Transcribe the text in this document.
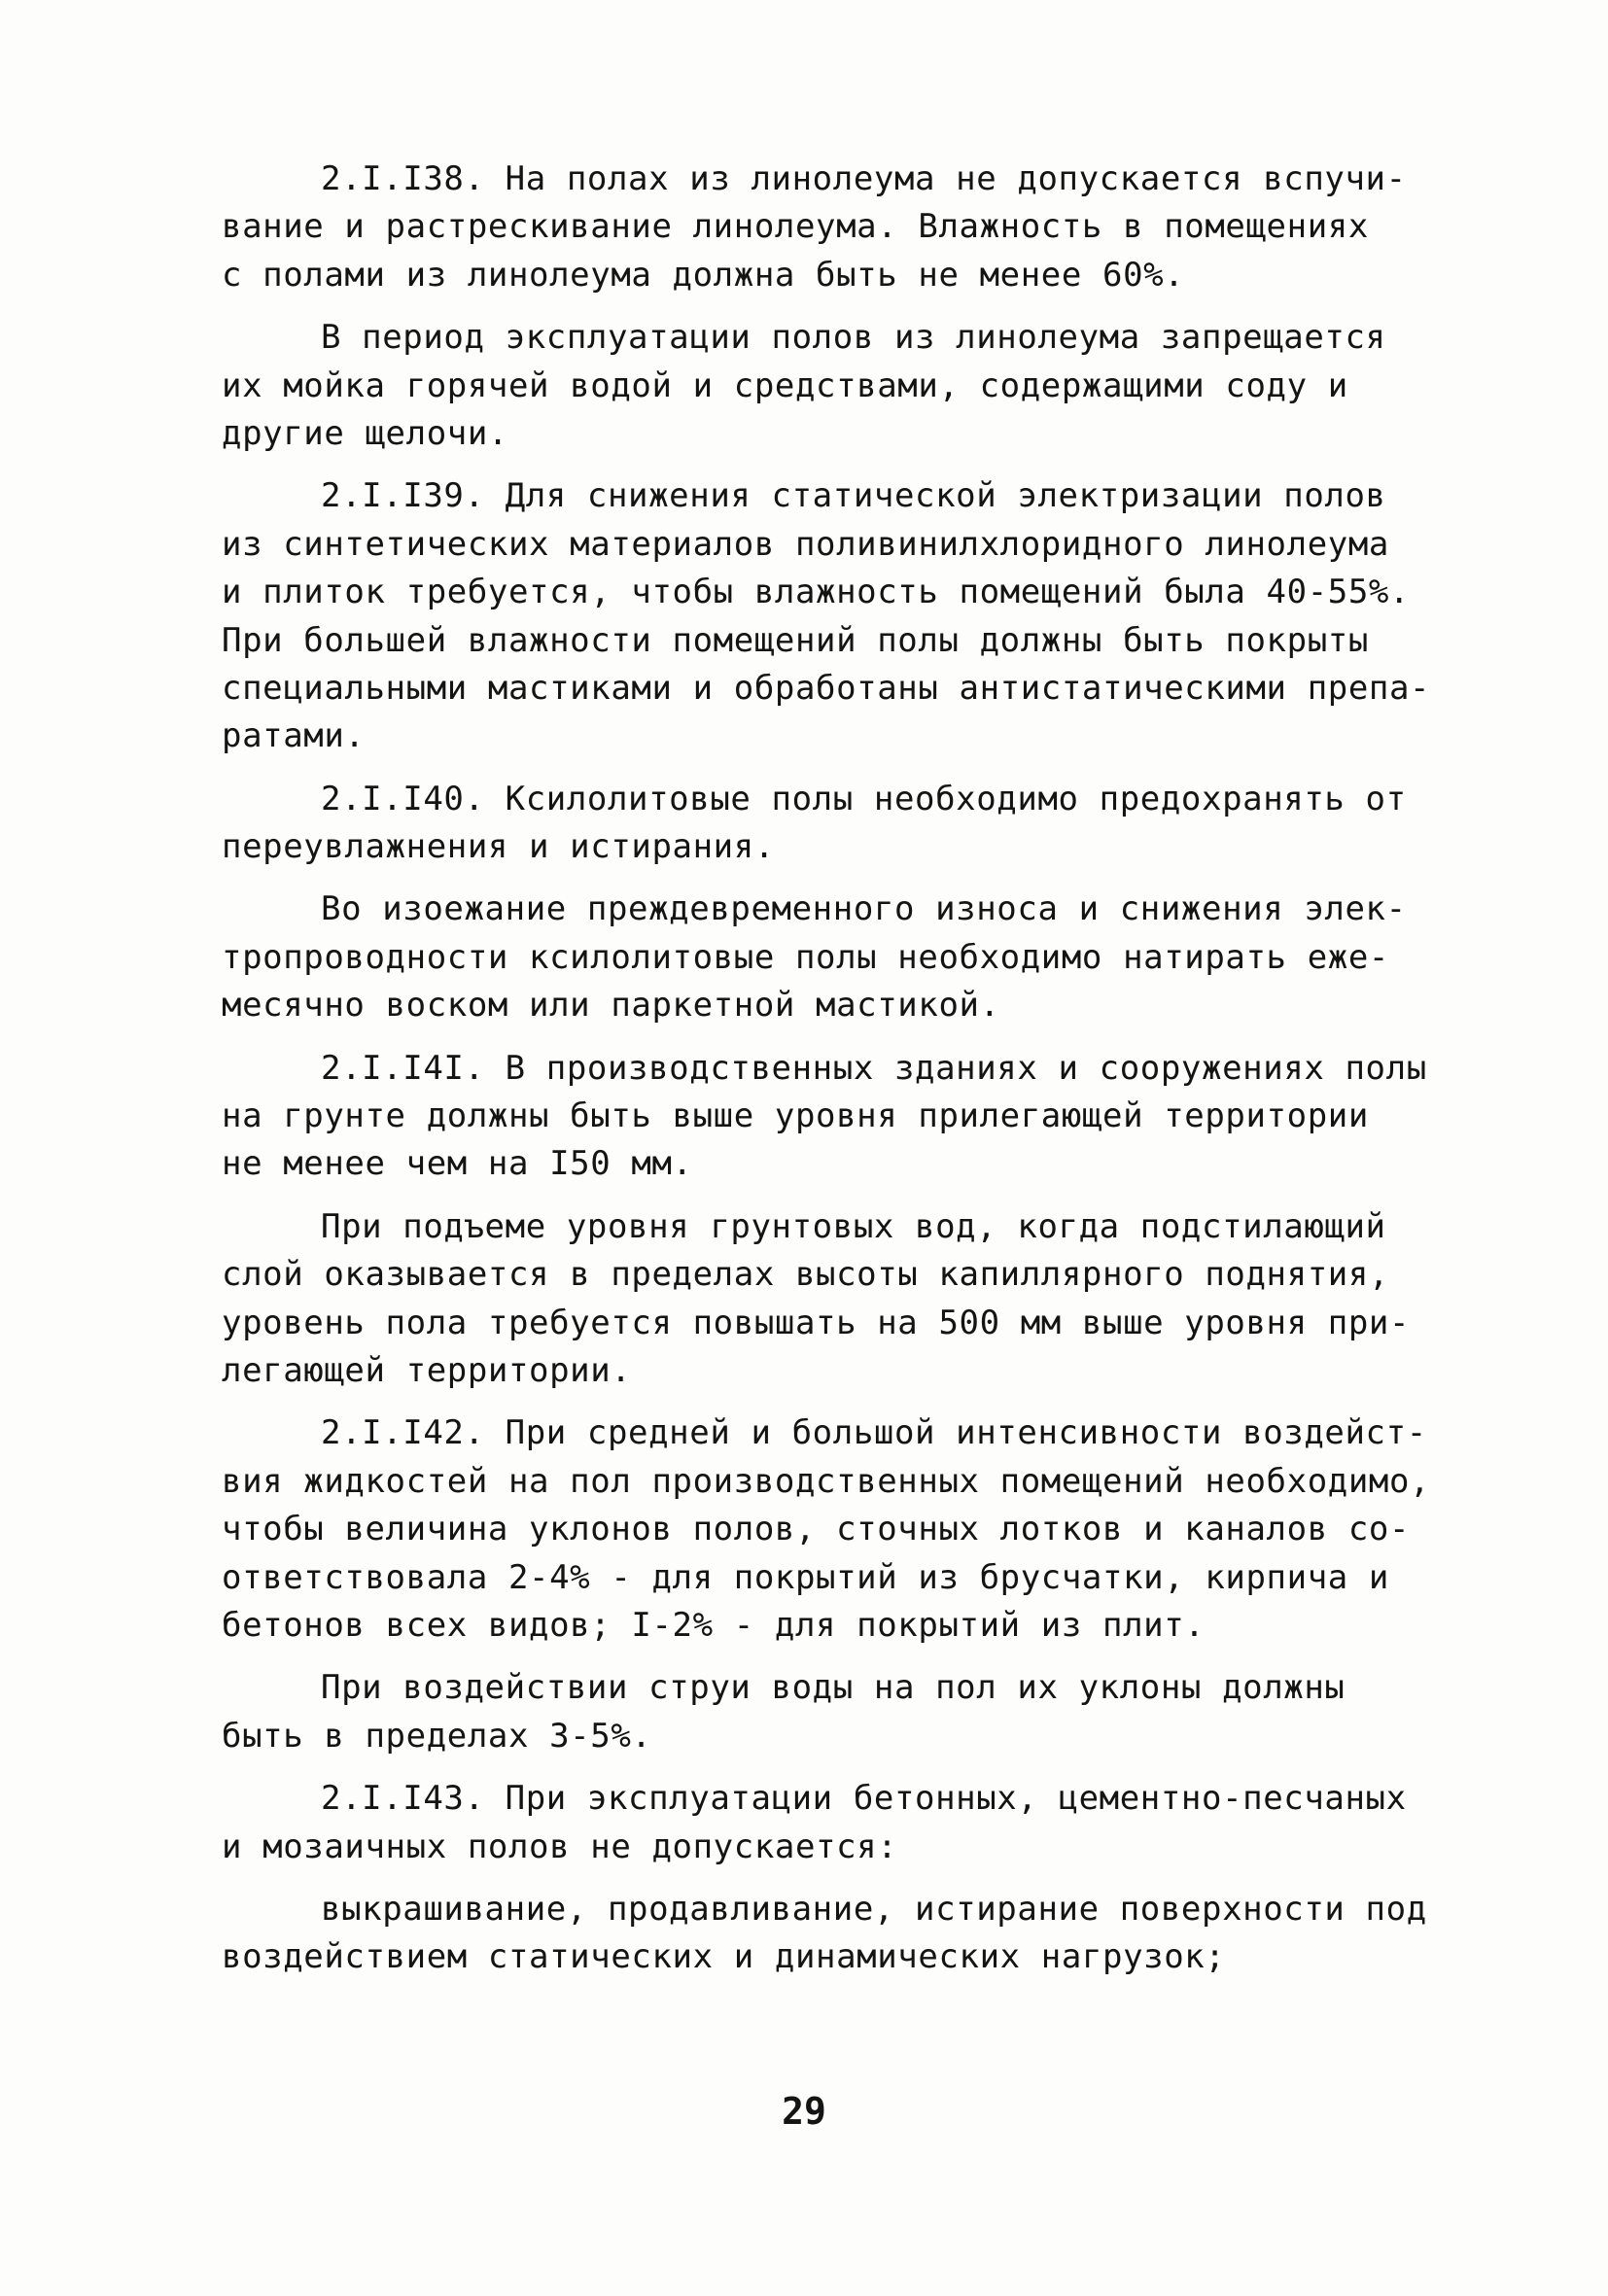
2.I.I38. На полах из линолеума не допускается вспучи-
вание и растрескивание линолеума. Влажность в помещениях
с полами из линолеума должна быть не менее 60%.

В период эксплуатации полов из линолеума запрещается
их мойка горячей водой и средствами, содержащими соду и
другие щелочи.

2.I.I39. Для снижения статической электризации полов
из синтетических материалов поливинилхлоридного линолеума
и плиток требуется, чтобы влажность помещений была 40-55%.
При большей влажности помещений полы должны быть покрыты
специальными мастиками и обработаны антистатическими препа-
ратами.

2.I.I40. Ксилолитовые полы необходимо предохранять от
переувлажнения и истирания.

Во изоежание преждевременного износа и снижения элек-
тропроводности ксилолитовые полы необходимо натирать еже-
месячно воском или паркетной мастикой.

2.I.I4I. В производственных зданиях и сооружениях полы
на грунте должны быть выше уровня прилегающей территории
не менее чем на I50 мм.

При подъеме уровня грунтовых вод, когда подстилающий
слой оказывается в пределах высоты капиллярного поднятия,
уровень пола требуется повышать на 500 мм выше уровня при-
легающей территории.

2.I.I42. При средней и большой интенсивности воздейст-
вия жидкостей на пол производственных помещений необходимо,
чтобы величина уклонов полов, сточных лотков и каналов со-
ответствовала 2-4% - для покрытий из брусчатки, кирпича и
бетонов всех видов; I-2% - для покрытий из плит.

При воздействии струи воды на пол их уклоны должны
быть в пределах 3-5%.

2.I.I43. При эксплуатации бетонных, цементно-песчаных
и мозаичных полов не допускается:

выкрашивание, продавливание, истирание поверхности под
воздействием статических и динамических нагрузок;

29
